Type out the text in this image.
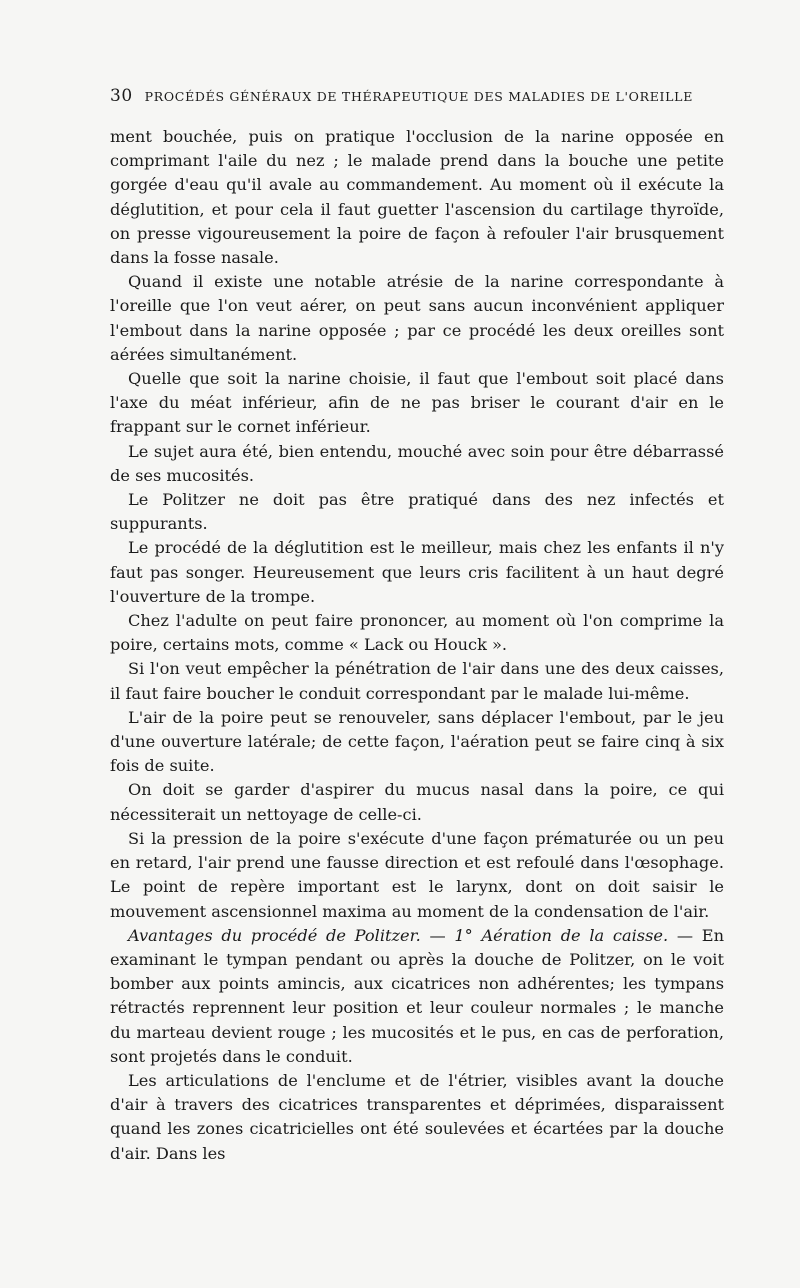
30 PROCÉDÉS GÉNÉRAUX DE THÉRAPEUTIQUE DES MALADIES DE L'OREILLE

ment bouchée, puis on pratique l'occlusion de la narine opposée en comprimant l'aile du nez ; le malade prend dans la bouche une petite gorgée d'eau qu'il avale au commandement. Au moment où il exécute la déglutition, et pour cela il faut guetter l'ascension du cartilage thyroïde, on presse vigoureusement la poire de façon à refouler l'air brusquement dans la fosse nasale.

Quand il existe une notable atrésie de la narine correspondante à l'oreille que l'on veut aérer, on peut sans aucun inconvénient appliquer l'embout dans la narine opposée ; par ce procédé les deux oreilles sont aérées simultanément.

Quelle que soit la narine choisie, il faut que l'embout soit placé dans l'axe du méat inférieur, afin de ne pas briser le courant d'air en le frappant sur le cornet inférieur.

Le sujet aura été, bien entendu, mouché avec soin pour être débarrassé de ses mucosités.

Le Politzer ne doit pas être pratiqué dans des nez infectés et suppurants.

Le procédé de la déglutition est le meilleur, mais chez les enfants il n'y faut pas songer. Heureusement que leurs cris facilitent à un haut degré l'ouverture de la trompe.

Chez l'adulte on peut faire prononcer, au moment où l'on comprime la poire, certains mots, comme « Lack ou Houck ».

Si l'on veut empêcher la pénétration de l'air dans une des deux caisses, il faut faire boucher le conduit correspondant par le malade lui-même.

L'air de la poire peut se renouveler, sans déplacer l'embout, par le jeu d'une ouverture latérale; de cette façon, l'aération peut se faire cinq à six fois de suite.

On doit se garder d'aspirer du mucus nasal dans la poire, ce qui nécessiterait un nettoyage de celle-ci.

Si la pression de la poire s'exécute d'une façon prématurée ou un peu en retard, l'air prend une fausse direction et est refoulé dans l'œsophage. Le point de repère important est le larynx, dont on doit saisir le mouvement ascensionnel maxima au moment de la condensation de l'air.

Avantages du procédé de Politzer. — 1° Aération de la caisse. — En examinant le tympan pendant ou après la douche de Politzer, on le voit bomber aux points amincis, aux cicatrices non adhérentes; les tympans rétractés reprennent leur position et leur couleur normales ; le manche du marteau devient rouge ; les mucosités et le pus, en cas de perforation, sont projetés dans le conduit.

Les articulations de l'enclume et de l'étrier, visibles avant la douche d'air à travers des cicatrices transparentes et déprimées, disparaissent quand les zones cicatricielles ont été soulevées et écartées par la douche d'air. Dans les
